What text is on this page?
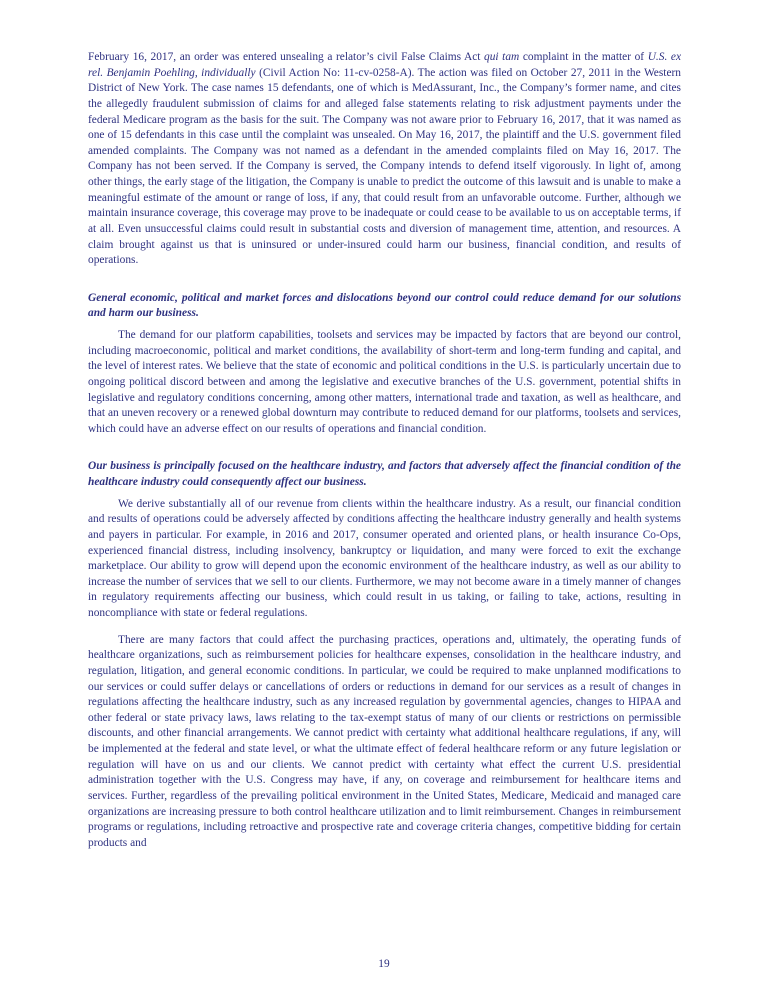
February 16, 2017, an order was entered unsealing a relator’s civil False Claims Act qui tam complaint in the matter of U.S. ex rel. Benjamin Poehling, individually (Civil Action No: 11-cv-0258-A). The action was filed on October 27, 2011 in the Western District of New York. The case names 15 defendants, one of which is MedAssurant, Inc., the Company’s former name, and cites the allegedly fraudulent submission of claims for and alleged false statements relating to risk adjustment payments under the federal Medicare program as the basis for the suit. The Company was not aware prior to February 16, 2017, that it was named as one of 15 defendants in this case until the complaint was unsealed. On May 16, 2017, the plaintiff and the U.S. government filed amended complaints. The Company was not named as a defendant in the amended complaints filed on May 16, 2017. The Company has not been served. If the Company is served, the Company intends to defend itself vigorously. In light of, among other things, the early stage of the litigation, the Company is unable to predict the outcome of this lawsuit and is unable to make a meaningful estimate of the amount or range of loss, if any, that could result from an unfavorable outcome. Further, although we maintain insurance coverage, this coverage may prove to be inadequate or could cease to be available to us on acceptable terms, if at all. Even unsuccessful claims could result in substantial costs and diversion of management time, attention, and resources. A claim brought against us that is uninsured or under-insured could harm our business, financial condition, and results of operations.

General economic, political and market forces and dislocations beyond our control could reduce demand for our solutions and harm our business.

The demand for our platform capabilities, toolsets and services may be impacted by factors that are beyond our control, including macroeconomic, political and market conditions, the availability of short-term and long-term funding and capital, and the level of interest rates. We believe that the state of economic and political conditions in the U.S. is particularly uncertain due to ongoing political discord between and among the legislative and executive branches of the U.S. government, potential shifts in legislative and regulatory conditions concerning, among other matters, international trade and taxation, as well as healthcare, and that an uneven recovery or a renewed global downturn may contribute to reduced demand for our platforms, toolsets and services, which could have an adverse effect on our results of operations and financial condition.

Our business is principally focused on the healthcare industry, and factors that adversely affect the financial condition of the healthcare industry could consequently affect our business.

We derive substantially all of our revenue from clients within the healthcare industry. As a result, our financial condition and results of operations could be adversely affected by conditions affecting the healthcare industry generally and health systems and payers in particular. For example, in 2016 and 2017, consumer operated and oriented plans, or health insurance Co-Ops, experienced financial distress, including insolvency, bankruptcy or liquidation, and many were forced to exit the exchange marketplace. Our ability to grow will depend upon the economic environment of the healthcare industry, as well as our ability to increase the number of services that we sell to our clients. Furthermore, we may not become aware in a timely manner of changes in regulatory requirements affecting our business, which could result in us taking, or failing to take, actions, resulting in noncompliance with state or federal regulations.

There are many factors that could affect the purchasing practices, operations and, ultimately, the operating funds of healthcare organizations, such as reimbursement policies for healthcare expenses, consolidation in the healthcare industry, and regulation, litigation, and general economic conditions. In particular, we could be required to make unplanned modifications to our services or could suffer delays or cancellations of orders or reductions in demand for our services as a result of changes in regulations affecting the healthcare industry, such as any increased regulation by governmental agencies, changes to HIPAA and other federal or state privacy laws, laws relating to the tax-exempt status of many of our clients or restrictions on permissible discounts, and other financial arrangements. We cannot predict with certainty what additional healthcare regulations, if any, will be implemented at the federal and state level, or what the ultimate effect of federal healthcare reform or any future legislation or regulation will have on us and our clients. We cannot predict with certainty what effect the current U.S. presidential administration together with the U.S. Congress may have, if any, on coverage and reimbursement for healthcare items and services. Further, regardless of the prevailing political environment in the United States, Medicare, Medicaid and managed care organizations are increasing pressure to both control healthcare utilization and to limit reimbursement. Changes in reimbursement programs or regulations, including retroactive and prospective rate and coverage criteria changes, competitive bidding for certain products and

19
